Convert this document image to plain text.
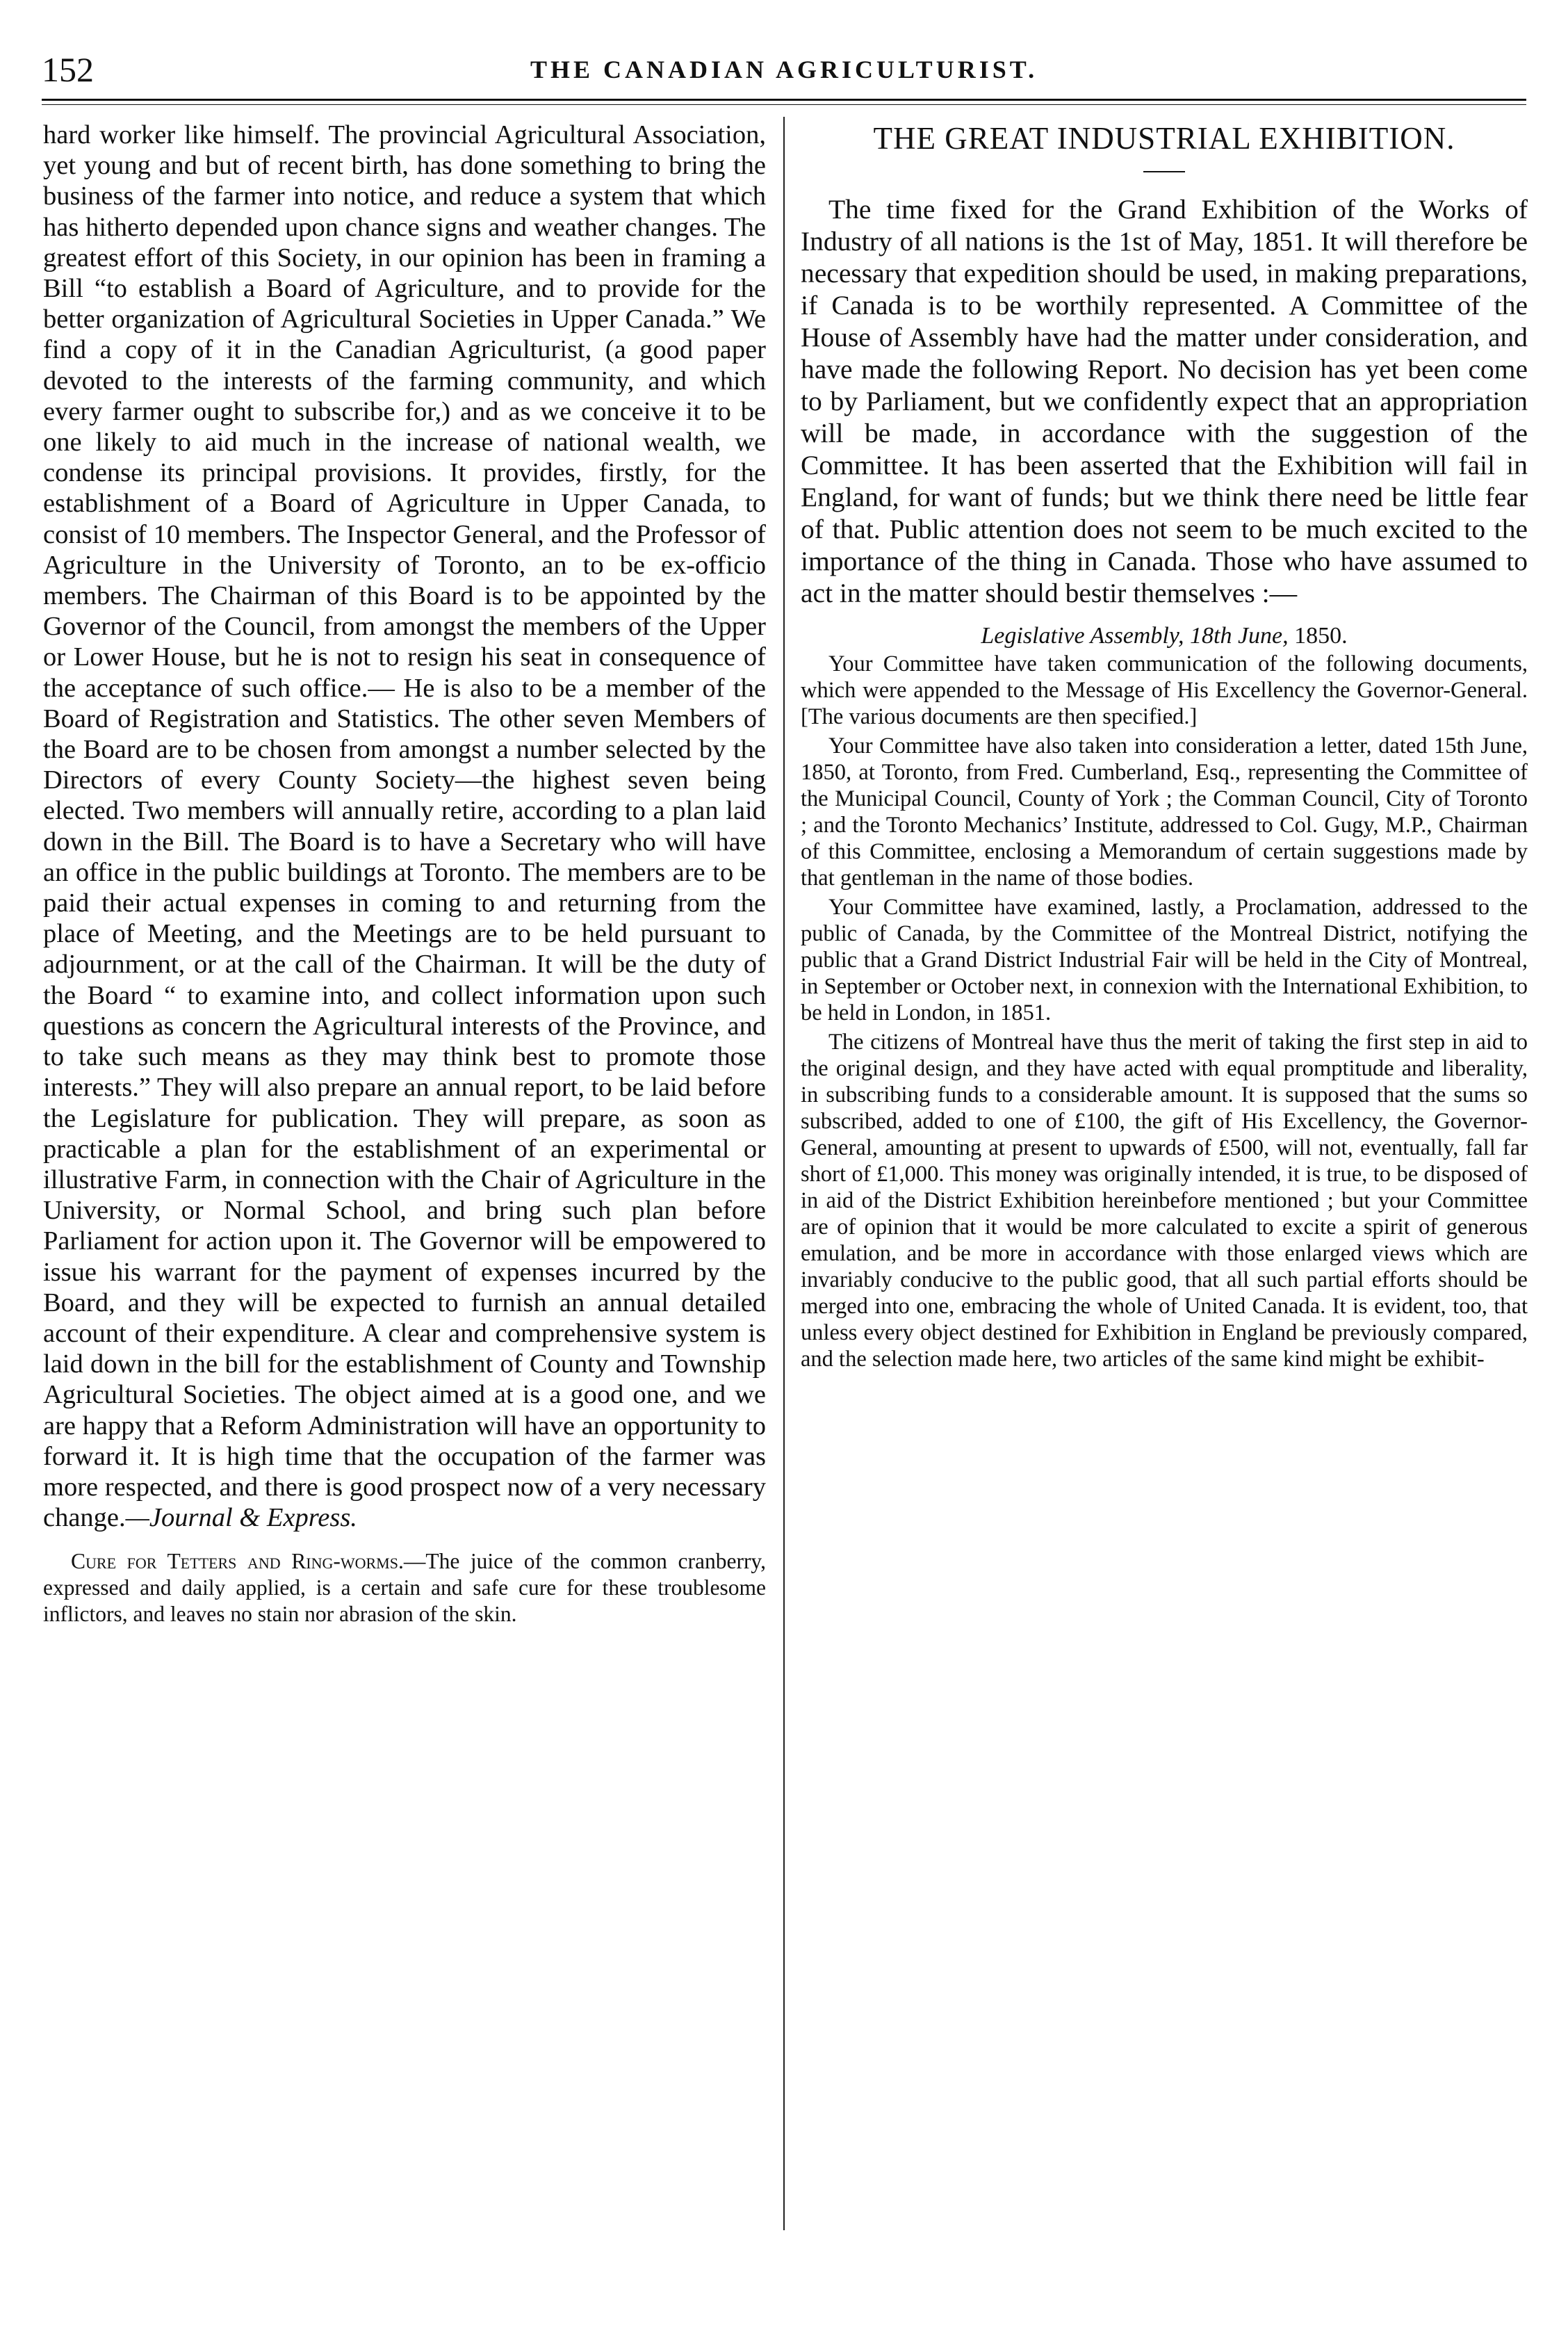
152	THE CANADIAN AGRICULTURIST.

hard worker like himself. The provincial Agricultural Association, yet young and but of recent birth, has done something to bring the business of the farmer into notice, and reduce a system that which has hitherto depended upon chance signs and weather changes. The greatest effort of this Society, in our opinion has been in framing a Bill “to establish a Board of Agriculture, and to provide for the better organization of Agricultural Societies in Upper Canada.” We find a copy of it in the Canadian Agriculturist, (a good paper devoted to the interests of the farming community, and which every farmer ought to subscribe for,) and as we conceive it to be one likely to aid much in the increase of national wealth, we condense its principal provisions. It provides, firstly, for the establishment of a Board of Agriculture in Upper Canada, to consist of 10 members. The Inspector General, and the Professor of Agriculture in the University of Toronto, an to be ex-officio members. The Chairman of this Board is to be appointed by the Governor of the Council, from amongst the members of the Upper or Lower House, but he is not to resign his seat in consequence of the acceptance of such office.— He is also to be a member of the Board of Registration and Statistics. The other seven Members of the Board are to be chosen from amongst a number selected by the Directors of every County Society—the highest seven being elected. Two members will annually retire, according to a plan laid down in the Bill. The Board is to have a Secretary who will have an office in the public buildings at Toronto. The members are to be paid their actual expenses in coming to and returning from the place of Meeting, and the Meetings are to be held pursuant to adjournment, or at the call of the Chairman. It will be the duty of the Board “ to examine into, and collect information upon such questions as concern the Agricultural interests of the Province, and to take such means as they may think best to promote those interests.” They will also prepare an annual report, to be laid before the Legislature for publication. They will prepare, as soon as practicable a plan for the establishment of an experimental or illustrative Farm, in connection with the Chair of Agriculture in the University, or Normal School, and bring such plan before Parliament for action upon it. The Governor will be empowered to issue his warrant for the payment of expenses incurred by the Board, and they will be expected to furnish an annual detailed account of their expenditure. A clear and comprehensive system is laid down in the bill for the establishment of County and Township Agricultural Societies. The object aimed at is a good one, and we are happy that a Reform Administration will have an opportunity to forward it. It is high time that the occupation of the farmer was more respected, and there is good prospect now of a very necessary change.—Journal & Express.

Cure for Tetters and Ring-worms.—The juice of the common cranberry, expressed and daily applied, is a certain and safe cure for these troublesome inflictors, and leaves no stain nor abrasion of the skin.

THE GREAT INDUSTRIAL EXHIBITION.

The time fixed for the Grand Exhibition of the Works of Industry of all nations is the 1st of May, 1851. It will therefore be necessary that expedition should be used, in making preparations, if Canada is to be worthily represented. A Committee of the House of Assembly have had the matter under consideration, and have made the following Report. No decision has yet been come to by Parliament, but we confidently expect that an appropriation will be made, in accordance with the suggestion of the Committee. It has been asserted that the Exhibition will fail in England, for want of funds; but we think there need be little fear of that. Public attention does not seem to be much excited to the importance of the thing in Canada. Those who have assumed to act in the matter should bestir themselves :—

Legislative Assembly, 18th June, 1850.

Your Committee have taken communication of the following documents, which were appended to the Message of His Excellency the Governor-General. [The various documents are then specified.]

Your Committee have also taken into consideration a letter, dated 15th June, 1850, at Toronto, from Fred. Cumberland, Esq., representing the Committee of the Municipal Council, County of York ; the Comman Council, City of Toronto ; and the Toronto Mechanics’ Institute, addressed to Col. Gugy, M.P., Chairman of this Committee, enclosing a Memorandum of certain suggestions made by that gentleman in the name of those bodies.

Your Committee have examined, lastly, a Proclamation, addressed to the public of Canada, by the Committee of the Montreal District, notifying the public that a Grand District Industrial Fair will be held in the City of Montreal, in September or October next, in connexion with the International Exhibition, to be held in London, in 1851.

The citizens of Montreal have thus the merit of taking the first step in aid to the original design, and they have acted with equal promptitude and liberality, in subscribing funds to a considerable amount. It is supposed that the sums so subscribed, added to one of £100, the gift of His Excellency, the Governor-General, amounting at present to upwards of £500, will not, eventually, fall far short of £1,000. This money was originally intended, it is true, to be disposed of in aid of the District Exhibition hereinbefore mentioned ; but your Committee are of opinion that it would be more calculated to excite a spirit of generous emulation, and be more in accordance with those enlarged views which are invariably conducive to the public good, that all such partial efforts should be merged into one, embracing the whole of United Canada. It is evident, too, that unless every object destined for Exhibition in England be previously compared, and the selection made here, two articles of the same kind might be exhibit-
